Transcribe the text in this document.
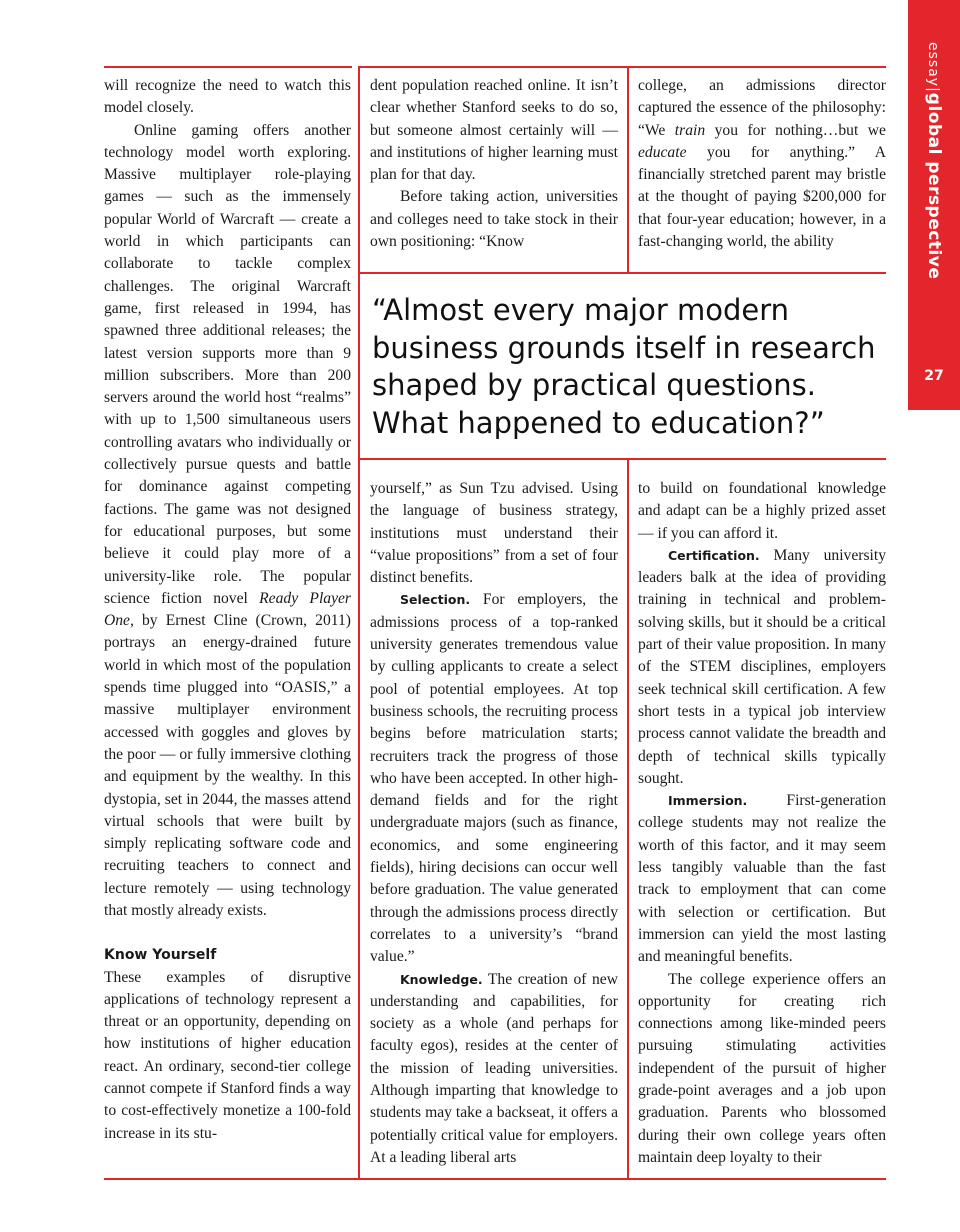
essay|global perspective
27

will recognize the need to watch this model closely.

Online gaming offers another technology model worth exploring. Massive multiplayer role-playing games — such as the immensely popular World of Warcraft — create a world in which participants can collaborate to tackle complex challenges. The original Warcraft game, first released in 1994, has spawned three additional releases; the latest version supports more than 9 million subscribers. More than 200 servers around the world host “realms” with up to 1,500 simultaneous users controlling avatars who individually or collectively pursue quests and battle for dominance against competing factions. The game was not designed for educational purposes, but some believe it could play more of a university-like role. The popular science fiction novel Ready Player One, by Ernest Cline (Crown, 2011) portrays an energy-drained future world in which most of the population spends time plugged into “OASIS,” a massive multiplayer environment accessed with goggles and gloves by the poor — or fully immersive clothing and equipment by the wealthy. In this dystopia, set in 2044, the masses attend virtual schools that were built by simply replicating software code and recruiting teachers to connect and lecture remotely — using technology that mostly already exists.

Know Yourself

These examples of disruptive applications of technology represent a threat or an opportunity, depending on how institutions of higher education react. An ordinary, second-tier college cannot compete if Stanford finds a way to cost-effectively monetize a 100-fold increase in its stu-

dent population reached online. It isn’t clear whether Stanford seeks to do so, but someone almost certainly will — and institutions of higher learning must plan for that day.

Before taking action, universities and colleges need to take stock in their own positioning: “Know

college, an admissions director captured the essence of the philosophy: “We train you for nothing…but we educate you for anything.” A financially stretched parent may bristle at the thought of paying $200,000 for that four-year education; however, in a fast-changing world, the ability

“Almost every major modern business grounds itself in research shaped by practical questions. What happened to education?”

yourself,” as Sun Tzu advised. Using the language of business strategy, institutions must understand their “value propositions” from a set of four distinct benefits.

Selection. For employers, the admissions process of a top-ranked university generates tremendous value by culling applicants to create a select pool of potential employees. At top business schools, the recruiting process begins before matriculation starts; recruiters track the progress of those who have been accepted. In other high-demand fields and for the right undergraduate majors (such as finance, economics, and some engineering fields), hiring decisions can occur well before graduation. The value generated through the admissions process directly correlates to a university’s “brand value.”

Knowledge. The creation of new understanding and capabilities, for society as a whole (and perhaps for faculty egos), resides at the center of the mission of leading universities. Although imparting that knowledge to students may take a backseat, it offers a potentially critical value for employers. At a leading liberal arts

to build on foundational knowledge and adapt can be a highly prized asset — if you can afford it.

Certification. Many university leaders balk at the idea of providing training in technical and problem-solving skills, but it should be a critical part of their value proposition. In many of the STEM disciplines, employers seek technical skill certification. A few short tests in a typical job interview process cannot validate the breadth and depth of technical skills typically sought.

Immersion. First-generation college students may not realize the worth of this factor, and it may seem less tangibly valuable than the fast track to employment that can come with selection or certification. But immersion can yield the most lasting and meaningful benefits.

The college experience offers an opportunity for creating rich connections among like-minded peers pursuing stimulating activities independent of the pursuit of higher grade-point averages and a job upon graduation. Parents who blossomed during their own college years often maintain deep loyalty to their
